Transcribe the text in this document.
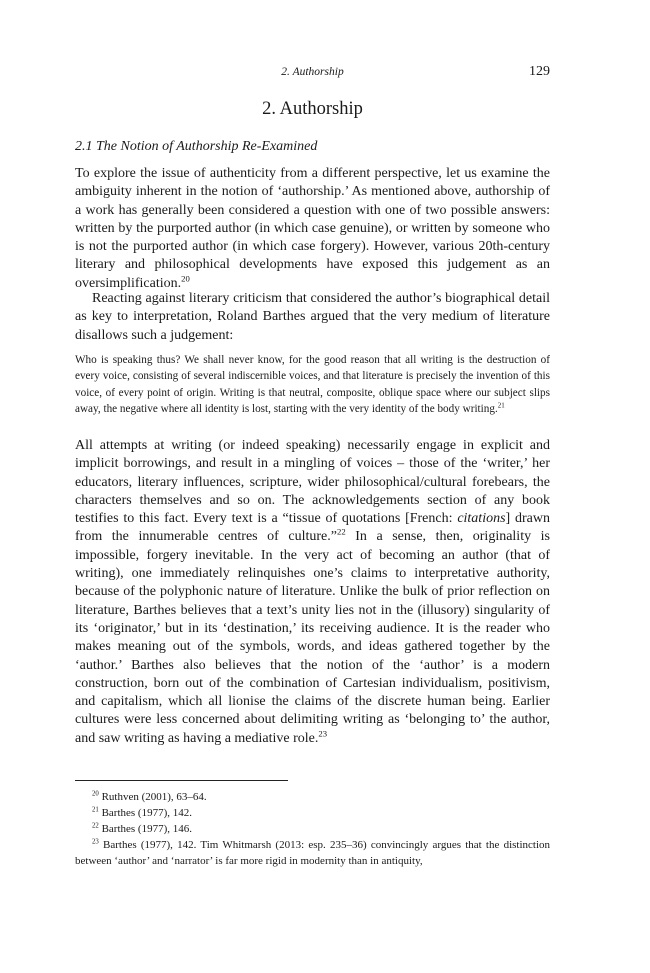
2. Authorship	129
2. Authorship
2.1 The Notion of Authorship Re-Examined

To explore the issue of authenticity from a different perspective, let us examine the ambiguity inherent in the notion of ‘authorship.’ As mentioned above, authorship of a work has generally been considered a question with one of two possible answers: written by the purported author (in which case genuine), or written by someone who is not the purported author (in which case forgery). However, various 20th-century literary and philosophical developments have exposed this judgement as an oversimplification.$^{20}$

Reacting against literary criticism that considered the author’s biographical detail as key to interpretation, Roland Barthes argued that the very medium of literature disallows such a judgement:

Who is speaking thus? We shall never know, for the good reason that all writing is the destruction of every voice, consisting of several indiscernible voices, and that literature is precisely the invention of this voice, of every point of origin. Writing is that neutral, composite, oblique space where our subject slips away, the negative where all identity is lost, starting with the very identity of the body writing.$^{21}$

All attempts at writing (or indeed speaking) necessarily engage in explicit and implicit borrowings, and result in a mingling of voices – those of the ‘writer,’ her educators, literary influences, scripture, wider philosophical/cultural forebears, the characters themselves and so on. The acknowledgements section of any book testifies to this fact. Every text is a “tissue of quotations [French: citations] drawn from the innumerable centres of culture.”$^{22}$ In a sense, then, originality is impossible, forgery inevitable. In the very act of becoming an author (that of writing), one immediately relinquishes one’s claims to interpretative authority, because of the polyphonic nature of literature. Unlike the bulk of prior reflection on literature, Barthes believes that a text’s unity lies not in the (illusory) singularity of its ‘originator,’ but in its ‘destination,’ its receiving audience. It is the reader who makes meaning out of the symbols, words, and ideas gathered together by the ‘author.’ Barthes also believes that the notion of the ‘author’ is a modern construction, born out of the combination of Cartesian individualism, positivism, and capitalism, which all lionise the claims of the discrete human being. Earlier cultures were less concerned about delimiting writing as ‘belonging to’ the author, and saw writing as having a mediative role.$^{23}$

$^{20}$ Ruthven (2001), 63–64.

$^{21}$ Barthes (1977), 142.

$^{22}$ Barthes (1977), 146.

$^{23}$ Barthes (1977), 142. Tim Whitmarsh (2013: esp. 235–36) convincingly argues that the distinction between ‘author’ and ‘narrator’ is far more rigid in modernity than in antiquity,
